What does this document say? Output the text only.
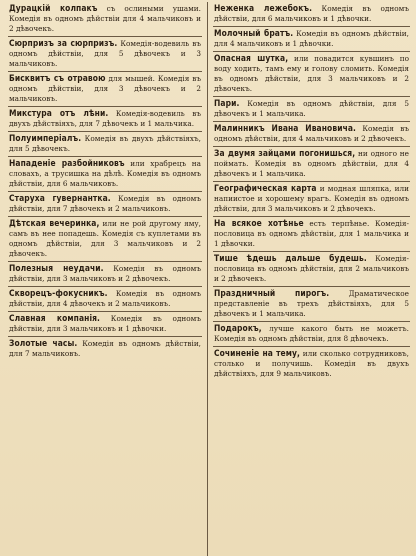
Дурацкiй колпакъ съ ослиными ушами. Комедiя въ одномъ дѣйствiи для 4 мальчиковъ и 2 дѣвочекъ.
Сюрпризъ за сюрпризъ. Комедiя-водевиль въ одномъ дѣйствiи, для 5 дѣвочекъ и 3 мальчиковъ.
Бисквитъ съ отравою для мышей. Комедiя въ одномъ дѣйствiи, для 3 дѣвочекъ и 2 мальчиковъ.
Микстура отъ лѣни. Комедiя-водевиль въ двухъ дѣйствiяхъ, для 7 дѣвочекъ и 1 мальчика.
Полуимперiалъ. Комедiя въ двухъ дѣйствiяхъ, для 5 дѣвочекъ.
Нападенiе разбойниковъ или храбрецъ на словахъ, а трусишка на дѣлѣ. Комедiя въ одномъ дѣйствiи, для 6 мальчиковъ.
Старуха гувернантка. Комедiя въ одномъ дѣйствiи, для 7 дѣвочекъ и 2 мальчиковъ.
Дѣтская вечеринка, или не рой другому яму, самъ въ нее попадешь. Комедiя съ куплетами въ одномъ дѣйствiи, для 3 мальчиковъ и 2 дѣвочекъ.
Полезныя неудачи. Комедiя въ одномъ дѣйствiи, для 3 мальчиковъ и 2 дѣвочекъ.
Скворецъ-фокусникъ. Комедiя въ одномъ дѣйствiи, для 4 дѣвочекъ и 2 мальчиковъ.
Славная компанiя. Комедiя въ одномъ дѣйствiи, для 3 мальчиковъ и 1 дѣвочки.
Золотые часы. Комедiя въ одномъ дѣйствiи, для 7 мальчиковъ.
Неженка лежебокъ. Комедiя въ одномъ дѣйствiи, для 6 мальчиковъ и 1 дѣвочки.
Молочный братъ. Комедiя въ одномъ дѣйствiи, для 4 мальчиковъ и 1 дѣвочки.
Опасная шутка, или повадится кувшинъ по воду ходить, тамъ ему и голову сломить. Комедiя въ одномъ дѣйствiи, для 3 мальчиковъ и 2 дѣвочекъ.
Пари. Комедiя въ одномъ дѣйствiи, для 5 дѣвочекъ и 1 мальчика.
Малинникъ Ивана Ивановича. Комедiя въ одномъ дѣйствiи, для 4 мальчиковъ и 2 дѣвочекъ.
За двумя зайцами погонишься, ни одного не поймать. Комедiя въ одномъ дѣйствiи, для 4 дѣвочекъ и 1 мальчика.
Географическая карта и модная шляпка, или напиистое и хорошему врагъ. Комедiя въ одномъ дѣйствiи, для 3 мальчиковъ и 2 дѣвочекъ.
На всякое хотѣнье есть терпѣнье. Комедiя-пословица въ одномъ дѣйствiи, для 1 мальчика и 1 дѣвочки.
Тише ѣдешь дальше будешь. Комедiя-пословица въ одномъ дѣйствiи, для 2 мальчиковъ и 2 дѣвочекъ.
Праздничный пирогъ. Драматическое представленiе въ трехъ дѣйствiяхъ, для 5 дѣвочекъ и 1 мальчика.
Подарокъ, лучше какого быть не можетъ. Комедiя въ одномъ дѣйствiи, для 8 дѣвочекъ.
Сочиненiе на тему, или сколько сотрудниковъ, столько и получишь. Комедiя въ двухъ дѣйствiяхъ, для 9 мальчиковъ.
